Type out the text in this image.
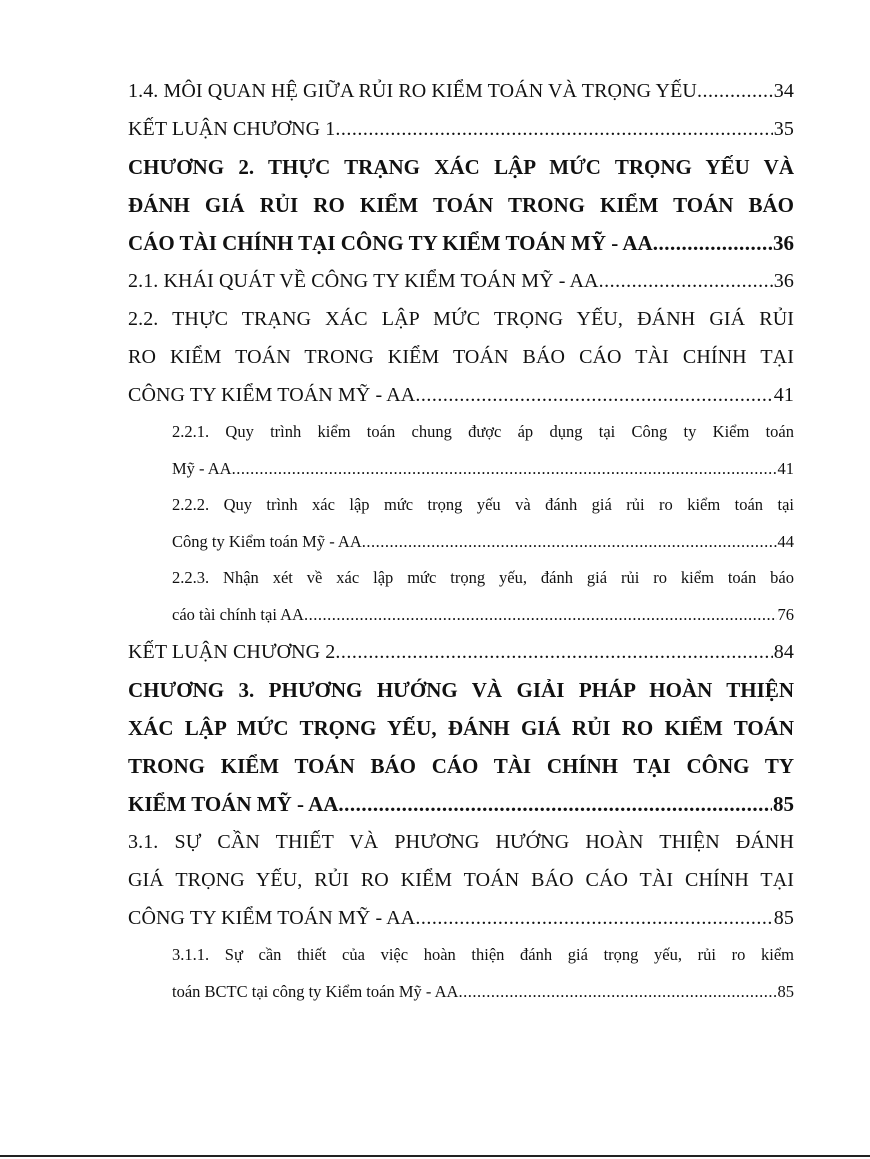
1.4. MÔI QUAN HỆ GIỮA RỦI RO KIỂM TOÁN VÀ TRỌNG YẾU .....	34
KẾT LUẬN CHƯƠNG 1 .....	35
CHƯƠNG 2. THỰC TRẠNG XÁC LẬP MỨC TRỌNG YẾU VÀ
ĐÁNH GIÁ RỦI RO KIỂM TOÁN TRONG KIỂM TOÁN BÁO
CÁO TÀI CHÍNH TẠI CÔNG TY KIỂM TOÁN MỸ - AA .....	36
2.1. KHÁI QUÁT VỀ CÔNG TY KIỂM TOÁN MỸ - AA .....	36
2.2. THỰC TRẠNG XÁC LẬP MỨC TRỌNG YẾU, ĐÁNH GIÁ RỦI
RO KIỂM TOÁN TRONG KIỂM TOÁN BÁO CÁO TÀI CHÍNH TẠI
CÔNG TY KIỂM TOÁN MỸ - AA .....	41
2.2.1. Quy trình kiểm toán chung được áp dụng tại Công ty Kiểm toán
Mỹ - AA .....	41
2.2.2. Quy trình xác lập mức trọng yếu và đánh giá rủi ro kiểm toán tại
Công ty Kiểm toán Mỹ - AA .....	44
2.2.3. Nhận xét về xác lập mức trọng yếu, đánh giá rủi ro kiểm toán báo
cáo tài chính tại AA .....	76
KẾT LUẬN CHƯƠNG 2 .....	84
CHƯƠNG 3. PHƯƠNG HƯỚNG VÀ GIẢI PHÁP HOÀN THIỆN
XÁC LẬP MỨC TRỌNG YẾU, ĐÁNH GIÁ RỦI RO KIỂM TOÁN
TRONG KIỂM TOÁN BÁO CÁO TÀI CHÍNH TẠI CÔNG TY
KIỂM TOÁN MỸ - AA .....	85
3.1. SỰ CẦN THIẾT VÀ PHƯƠNG HƯỚNG HOÀN THIỆN ĐÁNH
GIÁ TRỌNG YẾU, RỦI RO KIỂM TOÁN BÁO CÁO TÀI CHÍNH TẠI
CÔNG TY KIỂM TOÁN MỸ - AA .....	85
3.1.1. Sự cần thiết của việc hoàn thiện đánh giá trọng yếu, rủi ro kiểm
toán BCTC tại công ty Kiểm toán Mỹ - AA .....	85
